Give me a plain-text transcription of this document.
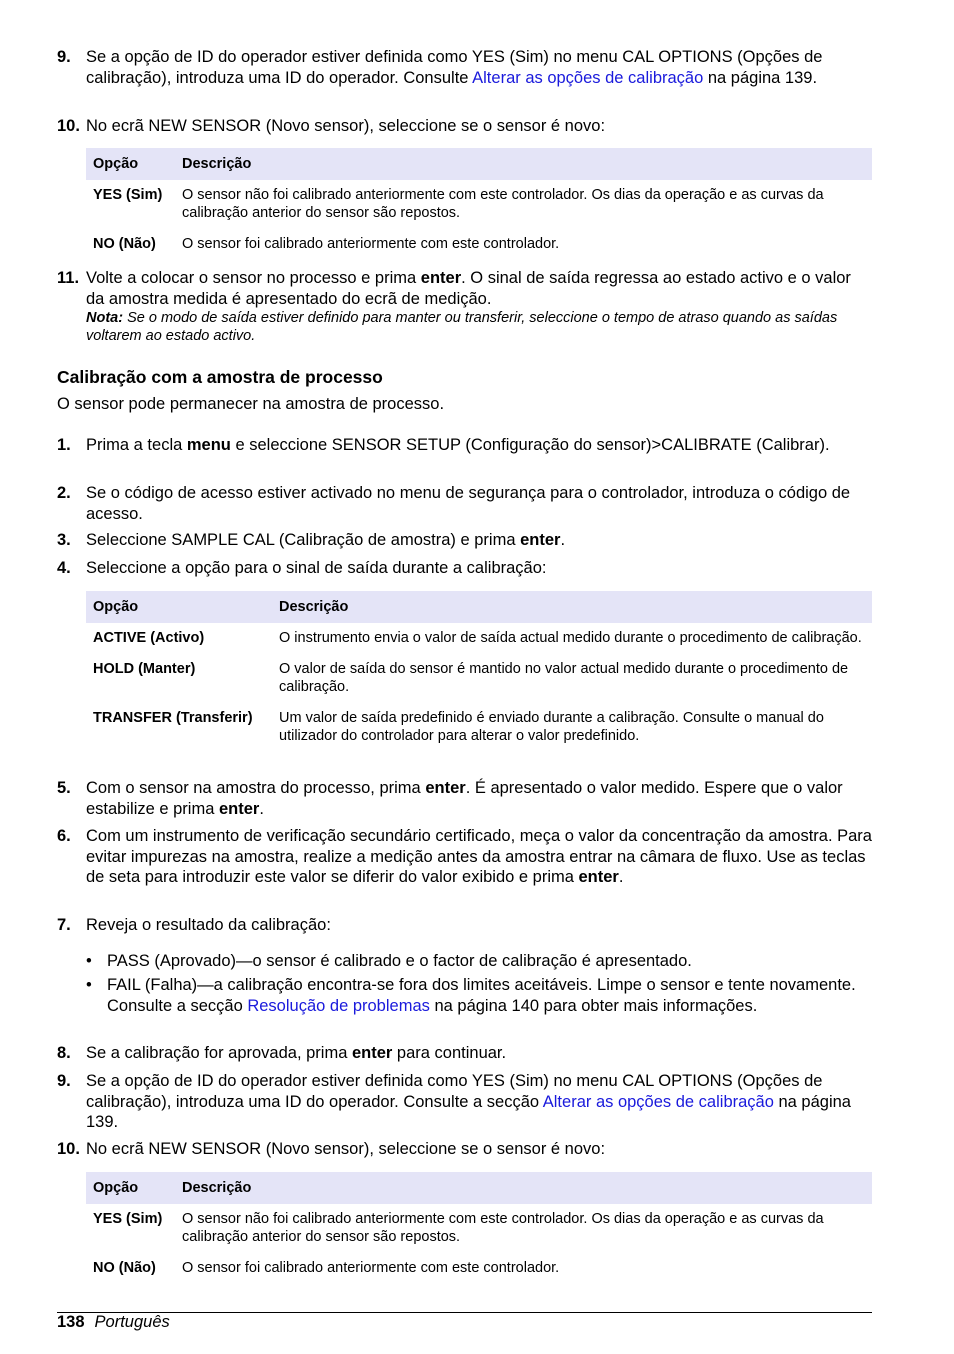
9. Se a opção de ID do operador estiver definida como YES (Sim) no menu CAL OPTIONS (Opções de calibração), introduza uma ID do operador. Consulte Alterar as opções de calibração na página 139.
10. No ecrã NEW SENSOR (Novo sensor), seleccione se o sensor é novo:
Opção	Descrição
YES (Sim)	O sensor não foi calibrado anteriormente com este controlador. Os dias da operação e as curvas da calibração anterior do sensor são repostos.
NO (Não)	O sensor foi calibrado anteriormente com este controlador.
11. Volte a colocar o sensor no processo e prima enter. O sinal de saída regressa ao estado activo e o valor da amostra medida é apresentado do ecrã de medição.
Nota: Se o modo de saída estiver definido para manter ou transferir, seleccione o tempo de atraso quando as saídas voltarem ao estado activo.
Calibração com a amostra de processo
O sensor pode permanecer na amostra de processo.
1. Prima a tecla menu e seleccione SENSOR SETUP (Configuração do sensor)>CALIBRATE (Calibrar).
2. Se o código de acesso estiver activado no menu de segurança para o controlador, introduza o código de acesso.
3. Seleccione SAMPLE CAL (Calibração de amostra) e prima enter.
4. Seleccione a opção para o sinal de saída durante a calibração:
Opção	Descrição
ACTIVE (Activo)	O instrumento envia o valor de saída actual medido durante o procedimento de calibração.
HOLD (Manter)	O valor de saída do sensor é mantido no valor actual medido durante o procedimento de calibração.
TRANSFER (Transferir)	Um valor de saída predefinido é enviado durante a calibração. Consulte o manual do utilizador do controlador para alterar o valor predefinido.
5. Com o sensor na amostra do processo, prima enter. É apresentado o valor medido. Espere que o valor estabilize e prima enter.
6. Com um instrumento de verificação secundário certificado, meça o valor da concentração da amostra. Para evitar impurezas na amostra, realize a medição antes da amostra entrar na câmara de fluxo. Use as teclas de seta para introduzir este valor se diferir do valor exibido e prima enter.
7. Reveja o resultado da calibração:
• PASS (Aprovado)—o sensor é calibrado e o factor de calibração é apresentado.
• FAIL (Falha)—a calibração encontra-se fora dos limites aceitáveis. Limpe o sensor e tente novamente. Consulte a secção Resolução de problemas na página 140 para obter mais informações.
8. Se a calibração for aprovada, prima enter para continuar.
9. Se a opção de ID do operador estiver definida como YES (Sim) no menu CAL OPTIONS (Opções de calibração), introduza uma ID do operador. Consulte a secção Alterar as opções de calibração na página 139.
10. No ecrã NEW SENSOR (Novo sensor), seleccione se o sensor é novo:
Opção	Descrição
YES (Sim)	O sensor não foi calibrado anteriormente com este controlador. Os dias da operação e as curvas da calibração anterior do sensor são repostos.
NO (Não)	O sensor foi calibrado anteriormente com este controlador.
138 Português
